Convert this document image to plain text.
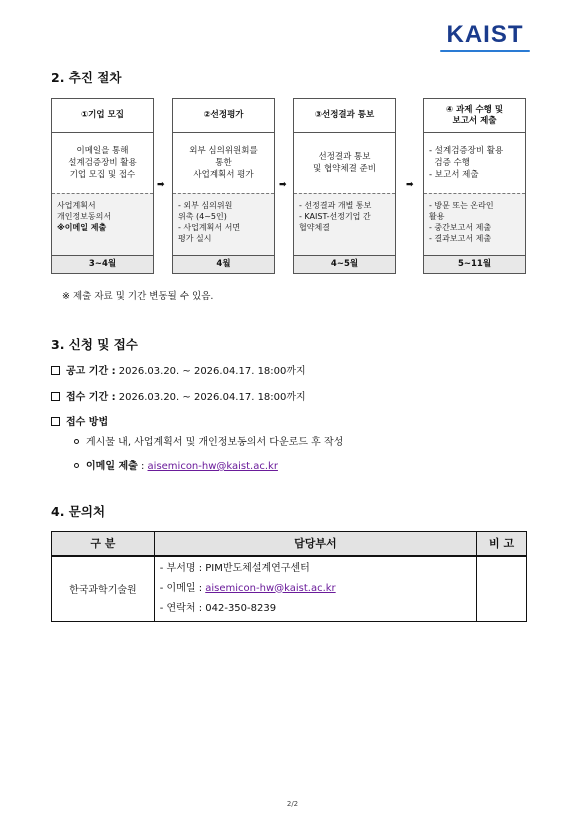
KAIST
2. 추진 절차
①기업 모집
이메일을 통해
설계검증장비 활용
기업 모집 및 접수
사업계획서
개인정보동의서
※이메일 제출
3~4월
➡
②선정평가
외부 심의위원회를
통한
사업계획서 평가
- 외부 심의위원
위촉 (4~5인)
- 사업계획서 서면
평가 실시
4월
➡
③선정결과 통보
선정결과 통보
및 협약체결 준비
- 선정결과 개별 통보
- KAIST-선정기업 간
협약체결
4~5월
➡
④ 과제 수행 및
보고서 제출
- 설계검증장비 활용
검증 수행
- 보고서 제출
- 방문 또는 온라인
활용
- 중간보고서 제출
- 결과보고서 제출
5~11월
※ 제출 자료 및 기간 변동될 수 있음.
3. 신청 및 접수
공고 기간 : 2026.03.20. ~ 2026.04.17. 18:00까지
접수 기간 : 2026.03.20. ~ 2026.04.17. 18:00까지
접수 방법
게시물 내, 사업계획서 및 개인정보동의서 다운로드 후 작성
이메일 제출 : aisemicon-hw@kaist.ac.kr
4. 문의처
구 분	담당부서	비 고
한국과학기술원	- 부서명 : PIM반도체설계연구센터
- 이메일 : aisemicon-hw@kaist.ac.kr
- 연락처 : 042-350-8239	

2/2
